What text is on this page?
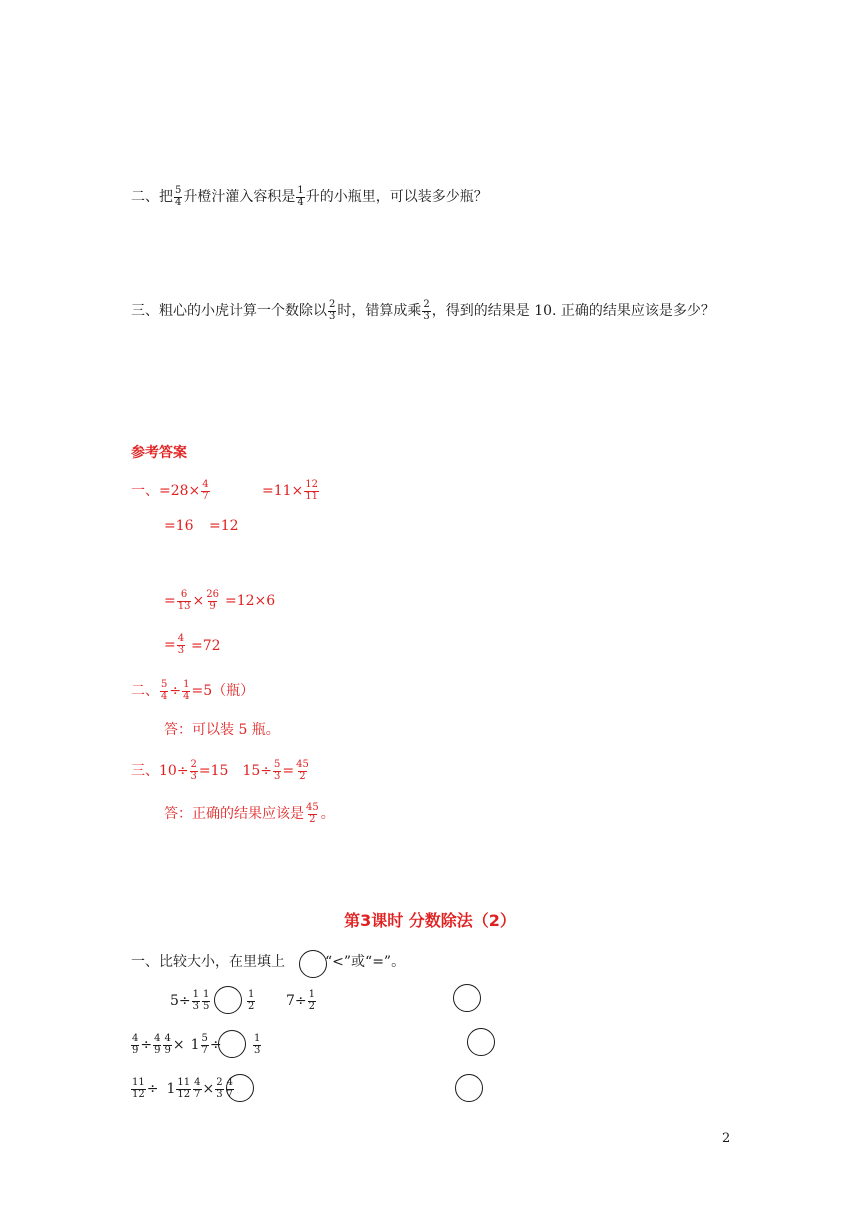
二、把 $\frac{5}{4}$ 升橙汁灌入容积是 $\frac{1}{4}$ 升的小瓶里，可以装多少瓶？
三、粗心的小虎计算一个数除以 $\frac{2}{3}$ 时，错算成乘 $\frac{2}{3}$ ，得到的结果是 10. 正确的结果应该是多少？
参考答案
一、$=28\times \frac{4}{7}$	$=11\times \frac{12}{11}$
=16 =12
= $\frac{6}{13} \times \frac{26}{9} =12\times 6$
= $\frac{4}{3} =72$
二、 $\frac{5}{4} \div \frac{1}{4} =5$（瓶）
答：可以装 5 瓶。
三、$10\div \frac{2}{3} =15$ $15\div \frac{5}{3} = \frac{45}{2}$
答：正确的结果应该是 $\frac{45}{2}$ 。
第3课时 分数除法（2）
一、比较大小，在里填上	“<”或“=”。
$5\div \frac{1}{3} \frac{1}{5}$	$\frac{1}{2} 7\div \frac{1}{2}$
$\frac{4}{9} \div \frac{4}{9} \frac{4}{9} \times 1 \frac{5}{7}$ ÷	$\frac{1}{3}$
$\frac{11}{12} \div 1 \frac{11}{12} \frac{4}{7} \times \frac{2}{3} \frac{4}{7}$
2
